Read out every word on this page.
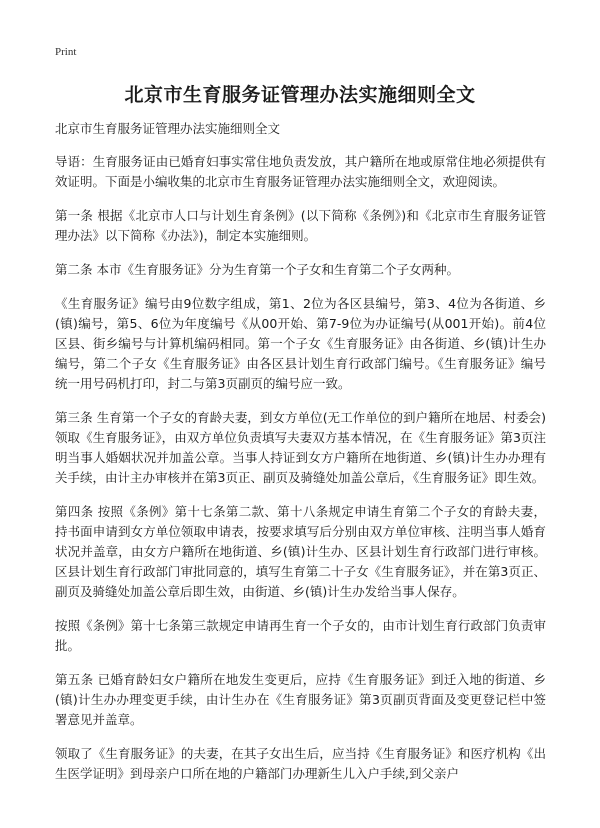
Print
北京市生育服务证管理办法实施细则全文
北京市生育服务证管理办法实施细则全文

导语：生育服务证由已婚育妇事实常住地负责发放，其户籍所在地或原常住地必须提供有效证明。下面是小编收集的北京市生育服务证管理办法实施细则全文，欢迎阅读。

第一条 根据《北京市人口与计划生育条例》(以下简称《条例》)和《北京市生育服务证管理办法》以下简称《办法》)，制定本实施细则。

第二条 本市《生育服务证》分为生育第一个子女和生育第二个子女两种。

《生育服务证》编号由9位数字组成，第1、2位为各区县编号，第3、4位为各街道、乡(镇)编号，第5、6位为年度编号《从00开始、第7-9位为办证编号(从001开始)。前4位区县、街乡编号与计算机编码相同。第一个子女《生育服务证》由各街道、乡(镇)计生办编号，第二个子女《生育服务证》由各区县计划生育行政部门编号。《生育服务证》编号统一用号码机打印，封二与第3页副页的编号应一致。

第三条 生育第一个子女的育龄夫妻，到女方单位(无工作单位的到户籍所在地居、村委会)领取《生育服务证》，由双方单位负责填写夫妻双方基本情况，在《生育服务证》第3页注明当事人婚姻状况并加盖公章。当事人持证到女方户籍所在地街道、乡(镇)计生办办理有关手续，由计主办审核并在第3页正、副页及骑缝处加盖公章后，《生育服务证》即生效。

第四条 按照《条例》第十七条第二款、第十八条规定申请生育第二个子女的育龄夫妻，持书面申请到女方单位领取申请表，按要求填写后分别由双方单位审核、注明当事人婚育状况并盖章，由女方户籍所在地街道、乡(镇)计生办、区县计划生育行政部门进行审核。区县计划生育行政部门审批同意的，填写生育第二十子女《生育服务证》，并在第3页正、副页及骑缝处加盖公章后即生效，由街道、乡(镇)计生办发给当事人保存。

按照《条例》第十七条第三款规定申请再生育一个子女的，由市计划生育行政部门负责审批。

第五条 已婚育龄妇女户籍所在地发生变更后，应持《生育服务证》到迁入地的街道、乡(镇)计生办办理变更手续，由计生办在《生育服务证》第3页副页背面及变更登记栏中签署意见并盖章。

领取了《生育服务证》的夫妻，在其子女出生后，应当持《生育服务证》和医疗机构《出生医学证明》到母亲户口所在地的户籍部门办理新生儿入户手续,到父亲户
